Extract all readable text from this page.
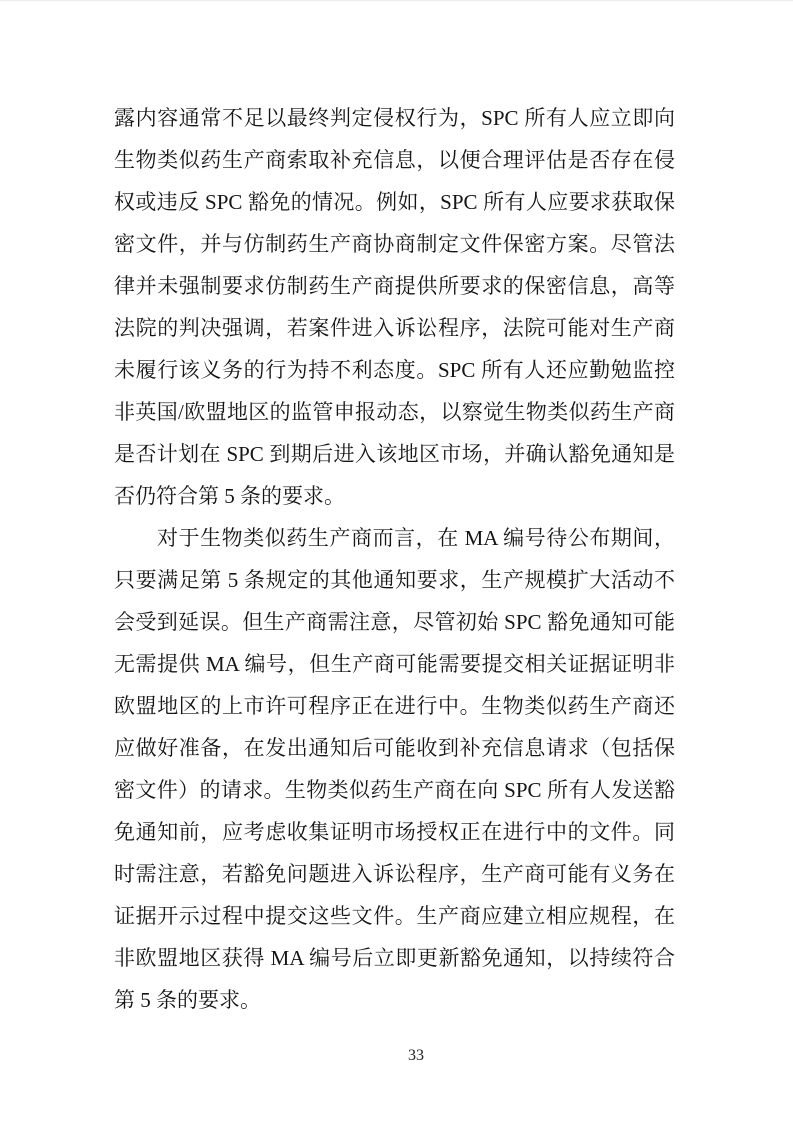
露内容通常不足以最终判定侵权行为，SPC 所有人应立即向
生物类似药生产商索取补充信息，以便合理评估是否存在侵
权或违反 SPC 豁免的情况。例如，SPC 所有人应要求获取保
密文件，并与仿制药生产商协商制定文件保密方案。尽管法
律并未强制要求仿制药生产商提供所要求的保密信息，高等
法院的判决强调，若案件进入诉讼程序，法院可能对生产商
未履行该义务的行为持不利态度。SPC 所有人还应勤勉监控
非英国/欧盟地区的监管申报动态，以察觉生物类似药生产商
是否计划在 SPC 到期后进入该地区市场，并确认豁免通知是
否仍符合第 5 条的要求。
对于生物类似药生产商而言，在 MA 编号待公布期间，
只要满足第 5 条规定的其他通知要求，生产规模扩大活动不
会受到延误。但生产商需注意，尽管初始 SPC 豁免通知可能
无需提供 MA 编号，但生产商可能需要提交相关证据证明非
欧盟地区的上市许可程序正在进行中。生物类似药生产商还
应做好准备，在发出通知后可能收到补充信息请求（包括保
密文件）的请求。生物类似药生产商在向 SPC 所有人发送豁
免通知前，应考虑收集证明市场授权正在进行中的文件。同
时需注意，若豁免问题进入诉讼程序，生产商可能有义务在
证据开示过程中提交这些文件。生产商应建立相应规程，在
非欧盟地区获得 MA 编号后立即更新豁免通知，以持续符合
第 5 条的要求。
33
